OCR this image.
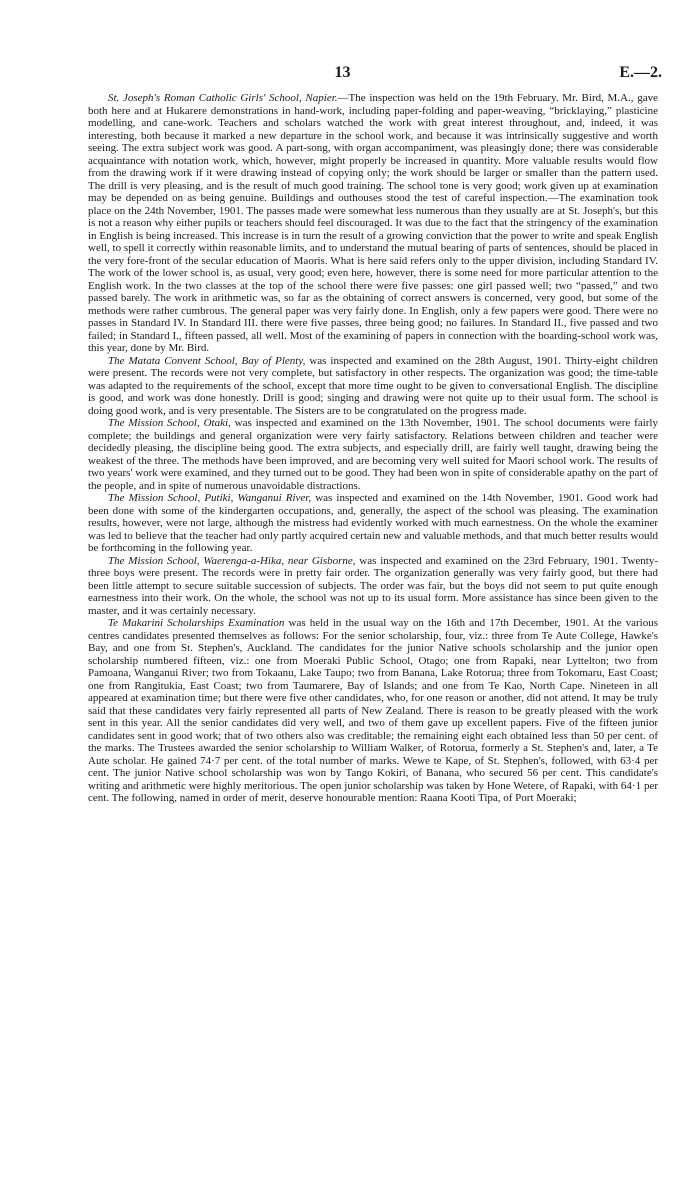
13	E.—2.

St. Joseph's Roman Catholic Girls' School, Napier.—The inspection was held on the 19th February. Mr. Bird, M.A., gave both here and at Hukarere demonstrations in hand-work, including paper-folding and paper-weaving, “bricklaying,” plasticine modelling, and cane-work. Teachers and scholars watched the work with great interest throughout, and, indeed, it was interesting, both because it marked a new departure in the school work, and because it was intrinsically suggestive and worth seeing. The extra subject work was good. A part-song, with organ accompaniment, was pleasingly done; there was considerable acquaintance with notation work, which, however, might properly be increased in quantity. More valuable results would flow from the drawing work if it were drawing instead of copying only; the work should be larger or smaller than the pattern used. The drill is very pleasing, and is the result of much good training. The school tone is very good; work given up at examination may be depended on as being genuine. Buildings and outhouses stood the test of careful inspection.—The examination took place on the 24th November, 1901. The passes made were somewhat less numerous than they usually are at St. Joseph's, but this is not a reason why either pupils or teachers should feel discouraged. It was due to the fact that the stringency of the examination in English is being increased. This increase is in turn the result of a growing conviction that the power to write and speak English well, to spell it correctly within reasonable limits, and to understand the mutual bearing of parts of sentences, should be placed in the very fore-front of the secular education of Maoris. What is here said refers only to the upper division, including Standard IV. The work of the lower school is, as usual, very good; even here, however, there is some need for more particular attention to the English work. In the two classes at the top of the school there were five passes: one girl passed well; two “passed,” and two passed barely. The work in arithmetic was, so far as the obtaining of correct answers is concerned, very good, but some of the methods were rather cumbrous. The general paper was very fairly done. In English, only a few papers were good. There were no passes in Standard IV. In Standard III. there were five passes, three being good; no failures. In Standard II., five passed and two failed; in Standard I., fifteen passed, all well. Most of the examining of papers in connection with the boarding-school work was, this year, done by Mr. Bird.

The Matata Convent School, Bay of Plenty, was inspected and examined on the 28th August, 1901. Thirty-eight children were present. The records were not very complete, but satisfactory in other respects. The organization was good; the time-table was adapted to the requirements of the school, except that more time ought to be given to conversational English. The discipline is good, and work was done honestly. Drill is good; singing and drawing were not quite up to their usual form. The school is doing good work, and is very presentable. The Sisters are to be congratulated on the progress made.

The Mission School, Otaki, was inspected and examined on the 13th November, 1901. The school documents were fairly complete; the buildings and general organization were very fairly satisfactory. Relations between children and teacher were decidedly pleasing, the discipline being good. The extra subjects, and especially drill, are fairly well taught, drawing being the weakest of the three. The methods have been improved, and are becoming very well suited for Maori school work. The results of two years' work were examined, and they turned out to be good. They had been won in spite of considerable apathy on the part of the people, and in spite of numerous unavoidable distractions.

The Mission School, Putiki, Wanganui River, was inspected and examined on the 14th November, 1901. Good work had been done with some of the kindergarten occupations, and, generally, the aspect of the school was pleasing. The examination results, however, were not large, although the mistress had evidently worked with much earnestness. On the whole the examiner was led to believe that the teacher had only partly acquired certain new and valuable methods, and that much better results would be forthcoming in the following year.

The Mission School, Waerenga-a-Hika, near Gisborne, was inspected and examined on the 23rd February, 1901. Twenty-three boys were present. The records were in pretty fair order. The organization generally was very fairly good, but there had been little attempt to secure suitable succession of subjects. The order was fair, but the boys did not seem to put quite enough earnestness into their work. On the whole, the school was not up to its usual form. More assistance has since been given to the master, and it was certainly necessary.

Te Makarini Scholarships Examination was held in the usual way on the 16th and 17th December, 1901. At the various centres candidates presented themselves as follows: For the senior scholarship, four, viz.: three from Te Aute College, Hawke's Bay, and one from St. Stephen's, Auckland. The candidates for the junior Native schools scholarship and the junior open scholarship numbered fifteen, viz.: one from Moeraki Public School, Otago; one from Rapaki, near Lyttelton; two from Pamoana, Wanganui River; two from Tokaanu, Lake Taupo; two from Banana, Lake Rotorua; three from Tokomaru, East Coast; one from Rangitukia, East Coast; two from Taumarere, Bay of Islands; and one from Te Kao, North Cape. Nineteen in all appeared at examination time; but there were five other candidates, who, for one reason or another, did not attend. It may be truly said that these candidates very fairly represented all parts of New Zealand. There is reason to be greatly pleased with the work sent in this year. All the senior candidates did very well, and two of them gave up excellent papers. Five of the fifteen junior candidates sent in good work; that of two others also was creditable; the remaining eight each obtained less than 50 per cent. of the marks. The Trustees awarded the senior scholarship to William Walker, of Rotorua, formerly a St. Stephen's and, later, a Te Aute scholar. He gained 74·7 per cent. of the total number of marks. Wewe te Kape, of St. Stephen's, followed, with 63·4 per cent. The junior Native school scholarship was won by Tango Kokiri, of Banana, who secured 56 per cent. This candidate's writing and arithmetic were highly meritorious. The open junior scholarship was taken by Hone Wetere, of Rapaki, with 64·1 per cent. The following, named in order of merit, deserve honourable mention: Raana Kooti Tipa, of Port Moeraki;
